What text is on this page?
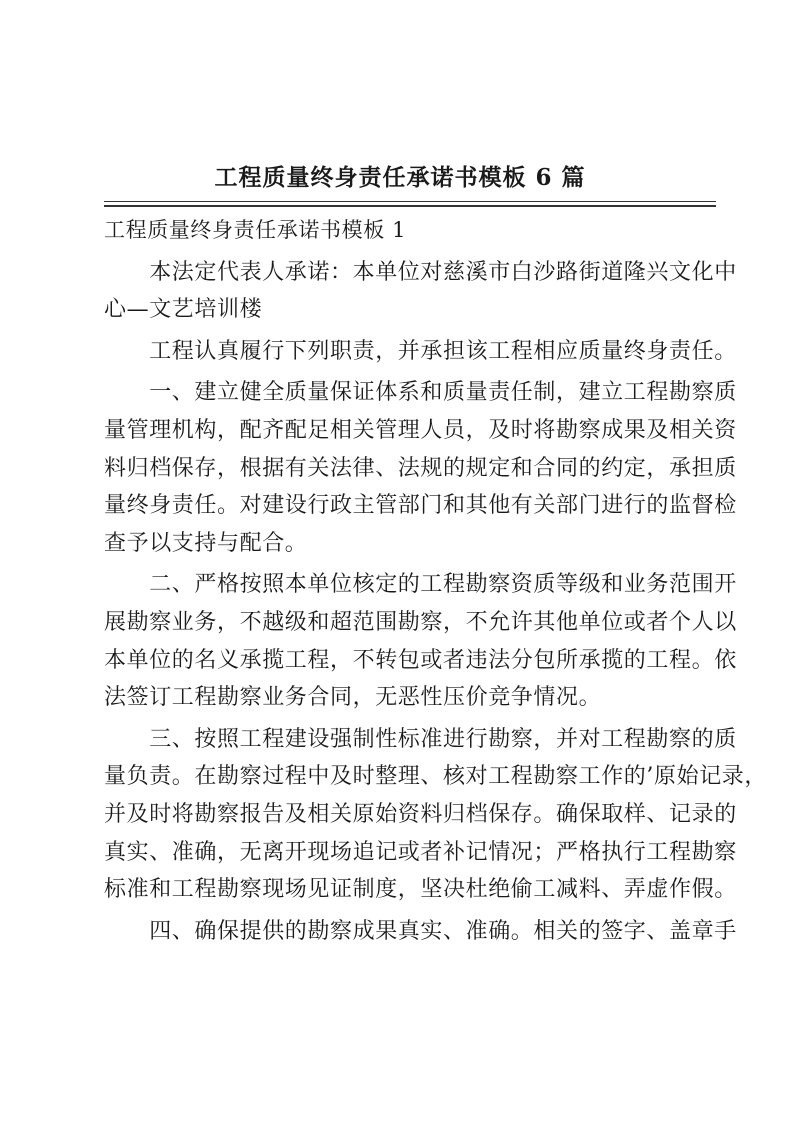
工程质量终身责任承诺书模板 6 篇
工程质量终身责任承诺书模板 1
　　本法定代表人承诺：本单位对慈溪市白沙路街道隆兴文化中
心—文艺培训楼
　　工程认真履行下列职责，并承担该工程相应质量终身责任。
　　一、建立健全质量保证体系和质量责任制，建立工程勘察质
量管理机构，配齐配足相关管理人员，及时将勘察成果及相关资
料归档保存，根据有关法律、法规的规定和合同的约定，承担质
量终身责任。对建设行政主管部门和其他有关部门进行的监督检
查予以支持与配合。
　　二、严格按照本单位核定的工程勘察资质等级和业务范围开
展勘察业务，不越级和超范围勘察，不允许其他单位或者个人以
本单位的名义承揽工程，不转包或者违法分包所承揽的工程。依
法签订工程勘察业务合同，无恶性压价竞争情况。
　　三、按照工程建设强制性标准进行勘察，并对工程勘察的质
量负责。在勘察过程中及时整理、核对工程勘察工作的’原始记录，
并及时将勘察报告及相关原始资料归档保存。确保取样、记录的
真实、准确，无离开现场追记或者补记情况；严格执行工程勘察
标准和工程勘察现场见证制度，坚决杜绝偷工减料、弄虚作假。
　　四、确保提供的勘察成果真实、准确。相关的签字、盖章手
